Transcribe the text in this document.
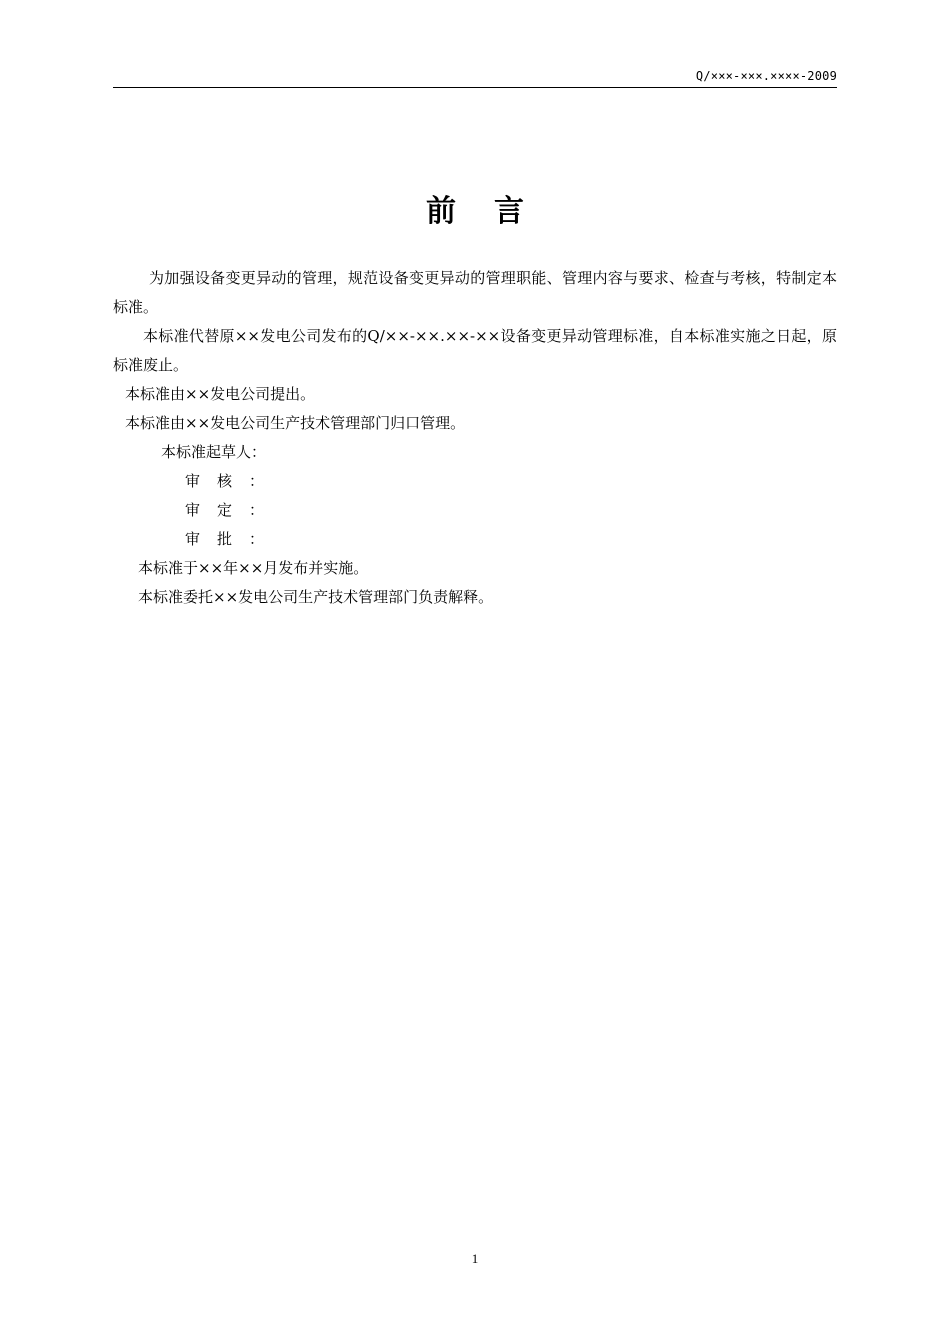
Q/×××-×××.××××-2009
前言

为加强设备变更异动的管理，规范设备变更异动的管理职能、管理内容与要求、检查与考核，特制定本标准。

本标准代替原××发电公司发布的Q/××-××.××-××设备变更异动管理标准，自本标准实施之日起，原标准废止。

本标准由××发电公司提出。

本标准由××发电公司生产技术管理部门归口管理。

本标准起草人：

审核：

审定：

审批：

本标准于××年××月发布并实施。

本标准委托××发电公司生产技术管理部门负责解释。

1
